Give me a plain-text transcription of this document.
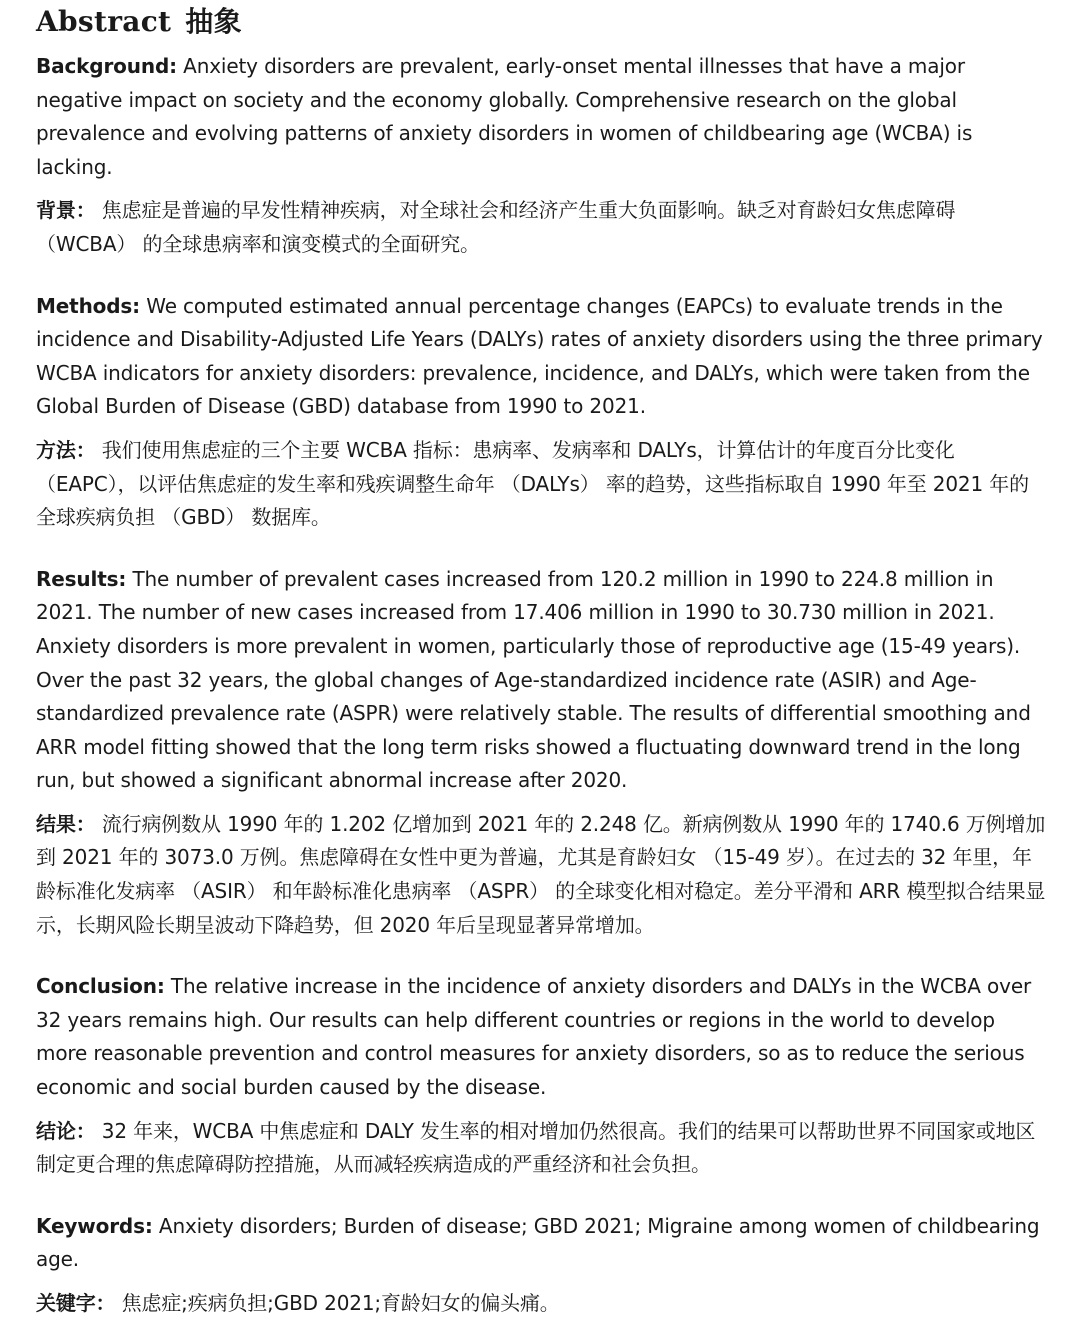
Abstract 抽象

Background: Anxiety disorders are prevalent, early-onset mental illnesses that have a major negative impact on society and the economy globally. Comprehensive research on the global prevalence and evolving patterns of anxiety disorders in women of childbearing age (WCBA) is lacking.

背景： 焦虑症是普遍的早发性精神疾病，对全球社会和经济产生重大负面影响。缺乏对育龄妇女焦虑障碍 （WCBA） 的全球患病率和演变模式的全面研究。

Methods: We computed estimated annual percentage changes (EAPCs) to evaluate trends in the incidence and Disability-Adjusted Life Years (DALYs) rates of anxiety disorders using the three primary WCBA indicators for anxiety disorders: prevalence, incidence, and DALYs, which were taken from the Global Burden of Disease (GBD) database from 1990 to 2021.

方法： 我们使用焦虑症的三个主要 WCBA 指标：患病率、发病率和 DALYs，计算估计的年度百分比变化 （EAPC），以评估焦虑症的发生率和残疾调整生命年 （DALYs） 率的趋势，这些指标取自 1990 年至 2021 年的全球疾病负担 （GBD） 数据库。

Results: The number of prevalent cases increased from 120.2 million in 1990 to 224.8 million in 2021. The number of new cases increased from 17.406 million in 1990 to 30.730 million in 2021. Anxiety disorders is more prevalent in women, particularly those of reproductive age (15-49 years). Over the past 32 years, the global changes of Age-standardized incidence rate (ASIR) and Age-standardized prevalence rate (ASPR) were relatively stable. The results of differential smoothing and ARR model fitting showed that the long term risks showed a fluctuating downward trend in the long run, but showed a significant abnormal increase after 2020.

结果： 流行病例数从 1990 年的 1.202 亿增加到 2021 年的 2.248 亿。新病例数从 1990 年的 1740.6 万例增加到 2021 年的 3073.0 万例。焦虑障碍在女性中更为普遍，尤其是育龄妇女 （15-49 岁）。在过去的 32 年里，年龄标准化发病率 （ASIR） 和年龄标准化患病率 （ASPR） 的全球变化相对稳定。差分平滑和 ARR 模型拟合结果显示，长期风险长期呈波动下降趋势，但 2020 年后呈现显著异常增加。

Conclusion: The relative increase in the incidence of anxiety disorders and DALYs in the WCBA over 32 years remains high. Our results can help different countries or regions in the world to develop more reasonable prevention and control measures for anxiety disorders, so as to reduce the serious economic and social burden caused by the disease.

结论： 32 年来，WCBA 中焦虑症和 DALY 发生率的相对增加仍然很高。我们的结果可以帮助世界不同国家或地区制定更合理的焦虑障碍防控措施，从而减轻疾病造成的严重经济和社会负担。

Keywords: Anxiety disorders; Burden of disease; GBD 2021; Migraine among women of childbearing age.

关键字： 焦虑症;疾病负担;GBD 2021;育龄妇女的偏头痛。
